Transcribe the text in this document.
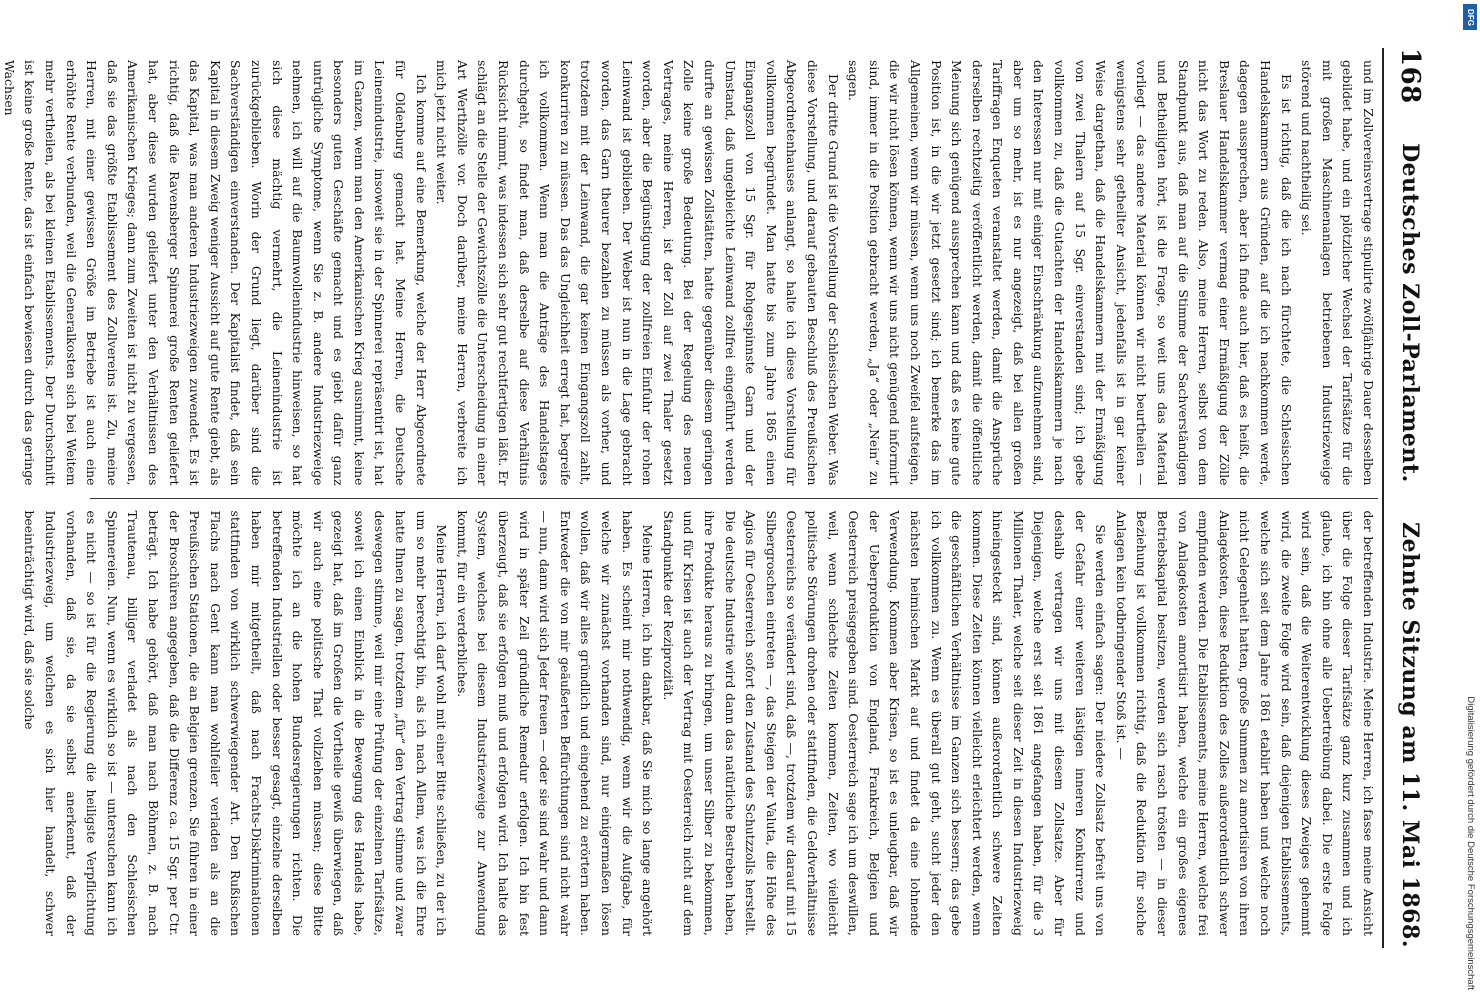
168
Deutsches Zoll-Parlament.
Zehnte Sitzung am 11. Mai 1868.

und im Zollvereinsvertrage stipulirte zwölfjährige Dauer desselben gebildet habe, und ein plötzlicher Wechsel der Tarifsätze für die mit großen Maschinenanlagen betriebenen Industriezweige störend und nachtheilig sei.

Es ist richtig, daß die ich nach fürchtete, die Schlesischen Handelskammern aus Gründen, auf die ich nachkommen werde, dagegen aussprechen, aber ich finde auch hier, daß es heißt, die Breslauer Handelskammer vermag einer Ermäßigung der Zölle nicht das Wort zu reden. Also, meine Herren, selbst von dem Standpunkt aus, daß man auf die Stimme der Sachverständigen und Betheiligten hört, ist die Frage, so weit uns das Material vorliegt — das andere Material können wir nicht beurtheilen — wenigstens sehr getheilter Ansicht, jedenfalls ist in gar keiner Weise dargethan, daß die Handelskammern mit der Ermäßigung von zwei Thalern auf 15 Sgr. einverstanden sind; ich gebe vollkommen zu, daß die Gutachten der Handelskammern je nach den Interessen nur mit einiger Einschränkung aufzunehmen sind, aber um so mehr, ist es nur angezeigt, daß bei allen großen Tariffragen Enqueten veranstaltet werden, damit die Ansprüche derselben rechtzeitig veröffentlicht werden, damit die öffentliche Meinung sich genügend aussprechen kann und daß es keine gute Position ist, in die wir jetzt gesetzt sind; ich bemerke das im Allgemeinen, wenn wir müssen, wenn uns noch Zweifel aufsteigen, die wir nicht lösen können, wenn wir uns nicht genügend informirt sind, immer in die Position gebracht werden, „Ja“ oder „Nein“ zu sagen.

Der dritte Grund ist die Vorstellung der Schlesischen Weber. Was diese Vorstellung, und darauf gebauten Beschluß des Preußischen Abgeordnetenhauses anlangt, so halte ich diese Vorstellung für vollkommen begründet. Man hatte bis zum Jahre 1865 einen Eingangszoll von 15 Sgr. für Rohgespinnste Garn und der Umstand, daß ungebleichte Leinwand zollfrei eingeführt werden durfte an gewissen Zollstätten, hatte gegenüber diesem geringen Zolle keine große Bedeutung. Bei der Regelung des neuen Vertrages, meine Herren, ist der Zoll auf zwei Thaler gesetzt worden, aber die Begünstigung der zollfreien Einfuhr der rohen Leinwand ist geblieben. Der Weber ist nun in die Lage gebracht worden, das Garn theurer bezahlen zu müssen als vorher, und trotzdem mit der Leinwand, die gar keinen Eingangszoll zahlt, konkurriren zu müssen. Das das Ungleichheit erregt hat, begreife ich vollkommen. Wenn man die Anträge des Handelstages durchgeht, so findet man, daß derselbe auf diese Verhältnis Rücksicht nimmt, was indessen sich sehr gut rechtfertigen läßt. Er schlägt an die Stelle der Gewichtszölle die Unterscheidung in einer Art Werthzölle vor. Doch darüber, meine Herren, verbreite ich mich jetzt nicht weiter.

Ich komme auf eine Bemerkung, welche der Herr Abgeordnete für Oldenburg gemacht hat. Meine Herren, die Deutsche Leinenindustrie, insoweit sie in der Spinnerei repräsentirt ist, hat im Ganzen, wenn man den Amerikanischen Krieg ausnimmt, keine besonders guten Geschäfte gemacht und es giebt dafür ganz untrügliche Symptome, wenn Sie z. B. andere Industriezweige nehmen, ich will auf die Baumwollenindustrie hinweisen, so hat sich diese mächtig vermehrt, die Leinenindustrie ist zurückgeblieben. Worin der Grund liegt, darüber sind die Sachverständigen einverstanden. Der Kapitalist findet, daß sein Kapital in diesem Zweig weniger Aussicht auf gute Rente giebt, als das Kapital, was man anderen Industriezweigen zuwendet. Es ist richtig, daß die Ravensberger Spinnerei große Renten geliefert hat, aber diese wurden geliefert unter den Verhältnissen des Amerikanischen Krieges; dann zum Zweiten ist nicht zu vergessen, daß sie das größte Etablissement des Zollvereins ist. Zu, meine Herren, mit einer gewissen Größe im Betriebe ist auch eine erhöhte Rente verbunden, weil die Generalkosten sich bei Weitem mehr vertheilen, als bei kleinen Etablissements. Der Durchschnitt ist keine große Rente, das ist einfach bewiesen durch das geringe Wachsen

der betreffenden Industrie. Meine Herren, ich fasse meine Ansicht über die Folge dieser Tarifsätze ganz kurz zusammen und ich glaube, ich bin ohne alle Uebertreibung dabei. Die erste Folge wird sein, daß die Weiterentwicklung dieses Zweiges gehemmt wird, die zweite Folge wird sein, daß diejenigen Etablissements, welche sich seit dem Jahre 1861 etablirt haben und welche noch nicht Gelegenheit hatten, große Summen zu amortisiren von ihren Anlagekosten, diese Reduktion des Zolles außerordentlich schwer empfinden werden. Die Etablissements, meine Herren, welche frei von Anlagekosten amortisirt haben, welche ein großes eigenes Betriebskapital besitzen, werden sich rasch trösten — in dieser Beziehung ist vollkommen richtig, daß die Reduktion für solche Anlagen kein todbringender Stoß ist. —

Sie werden einfach sagen: Der niedere Zollsatz befreit uns von der Gefahr einer weiteren lästigen inneren Konkurrenz und deshalb vertragen wir uns mit diesem Zollsatze. Aber für Diejenigen, welche erst seit 1861 angefangen haben, für die 3 Millionen Thaler, welche seit dieser Zeit in diesen Industriezweig hineingesteckt sind, können außerordentlich schwere Zeiten kommen. Diese Zeiten können vielleicht erleichtert werden, wenn die geschäftlichen Verhältnisse im Ganzen sich bessern; das gebe ich vollkommen zu. Wenn es überall gut geht, sucht jeder den nächsten heimischen Markt auf und findet da eine lohnende Verwendung. Kommen aber Krisen, so ist es unleugbar, daß wir der Ueberproduktion von England, Frankreich, Belgien und Oesterreich preisgegeben sind. Oesterreich sage ich um deswillen, weil, wenn schlechte Zeiten kommen, Zeiten, wo vielleicht politische Störungen drohen oder stattfinden, die Geldverhältnisse Oesterreichs so verändert sind, daß —, trotzdem wir darauf mit 15 Silbergroschen eintreten —, das Steigen der Valuta, die Höhe des Agios für Oesterreich sofort den Zustand des Schutzzolls herstellt. Die deutsche Industrie wird dann das natürliche Bestreben haben, ihre Produkte heraus zu bringen, um unser Silber zu bekommen, und für Krisen ist auch der Vertrag mit Oesterreich nicht auf dem Standpunkte der Reziprozität.

Meine Herren, ich bin dankbar, daß Sie mich so lange angehört haben. Es scheint mir nothwendig, wenn wir die Aufgabe, für welche wir zunächst vorhanden sind, nur einigermaßen lösen wollen, daß wir alles gründlich und eingehend zu erörtern haben. Entweder die von mir geäußerten Befürchtungen sind nicht wahr — nun, dann wird sich Jeder freuen — oder sie sind wahr und dann wird in später Zeil gründliche Remedur erfolgen. Ich bin fest überzeugt, daß sie erfolgen muß und erfolgen wird. Ich halte das System, welches bei diesem Industriezweige zur Anwendung kommt, für ein verderbliches.

Meine Herren, ich darf wohl mit einer Bitte schließen, zu der ich um so mehr berechtigt bin, als ich nach Allem, was ich die Ehre hatte Ihnen zu sagen, trotzdem „für“ den Vertrag stimme und zwar deswegen stimme, weil mir eine Prüfung der einzelnen Tarifsätze, soweit ich einen Einblick in die Bewegung des Handels habe, gezeigt hat, daß im Großen die Vortheile gewiß überwiegen, daß wir auch eine politische That vollziehen müssen; diese Bitte möchte ich an die hohen Bundesregierungen richten. Die betreffenden Industriellen oder besser gesagt, einzelne derselben haben mir mitgetheilt, daß nach Frachts-Diskriminationen stattfinden von wirklich schwerwiegender Art. Den Rußischen Flachs nach Gent kann man wohlfeiler verladen als an die Preußischen Stationen, die an Belgien grenzen. Sie führen in einer der Broschüren angegeben, daß die Differenz ca. 15 Sgr. per Ctr. beträgt. Ich habe gehört, daß man nach Böhmen, z. B. nach Trautenau, billiger verladet als nach den Schlesischen Spinnereien. Nun, wenn es wirklich so ist — untersuchen kann ich es nicht — so ist für die Regierung die heiligste Verpflichtung vorhanden, daß sie, da sie selbst anerkennt, daß der Industriezweig, um welchen es sich hier handelt, schwer beeinträchtigt wird, daß sie solche

DFG
Digitalisierung gefördert durch die Deutsche Forschungsgemeinschaft
